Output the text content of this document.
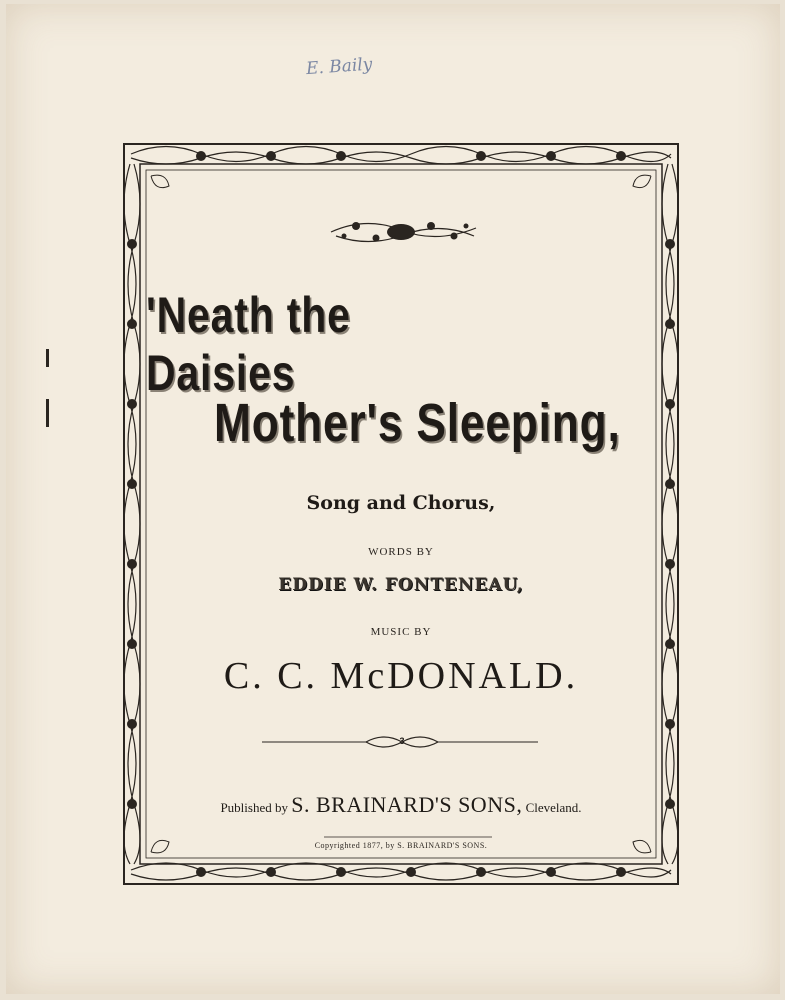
E. Baily
3
'Neath the Daisies
Mother's Sleeping,
Song and Chorus,
WORDS BY
EDDIE W. FONTENEAU,
MUSIC BY
C. C. McDONALD.
Published by S. BRAINARD'S SONS, Cleveland.
Copyrighted 1877, by S. BRAINARD'S SONS.
